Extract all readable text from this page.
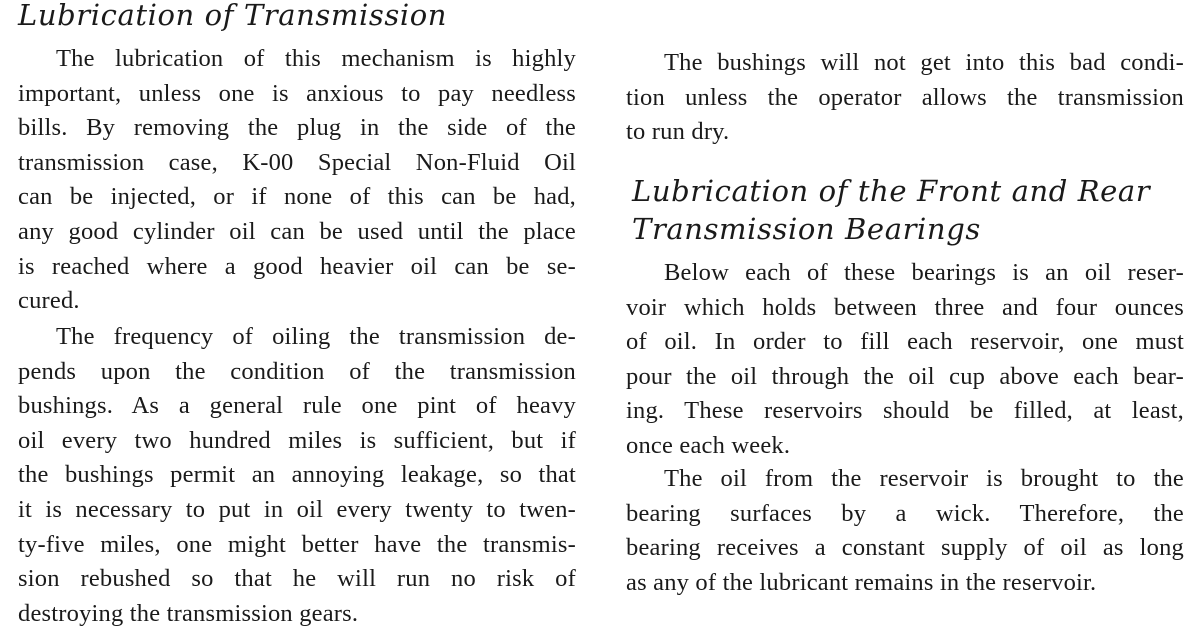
Lubrication of Transmission

The lubrication of this mechanism is highly
important, unless one is anxious to pay needless
bills. By removing the plug in the side of the
transmission case, K-00 Special Non-Fluid Oil
can be injected, or if none of this can be had,
any good cylinder oil can be used until the place
is reached where a good heavier oil can be se-
cured.

The frequency of oiling the transmission de-
pends upon the condition of the transmission
bushings. As a general rule one pint of heavy
oil every two hundred miles is sufficient, but if
the bushings permit an annoying leakage, so that
it is necessary to put in oil every twenty to twen-
ty-five miles, one might better have the transmis-
sion rebushed so that he will run no risk of
destroying the transmission gears.

The bushings will not get into this bad condi-
tion unless the operator allows the transmission
to run dry.

Lubrication of the Front and Rear Transmission Bearings

Below each of these bearings is an oil reser-
voir which holds between three and four ounces
of oil. In order to fill each reservoir, one must
pour the oil through the oil cup above each bear-
ing. These reservoirs should be filled, at least,
once each week.

The oil from the reservoir is brought to the
bearing surfaces by a wick. Therefore, the
bearing receives a constant supply of oil as long
as any of the lubricant remains in the reservoir.
